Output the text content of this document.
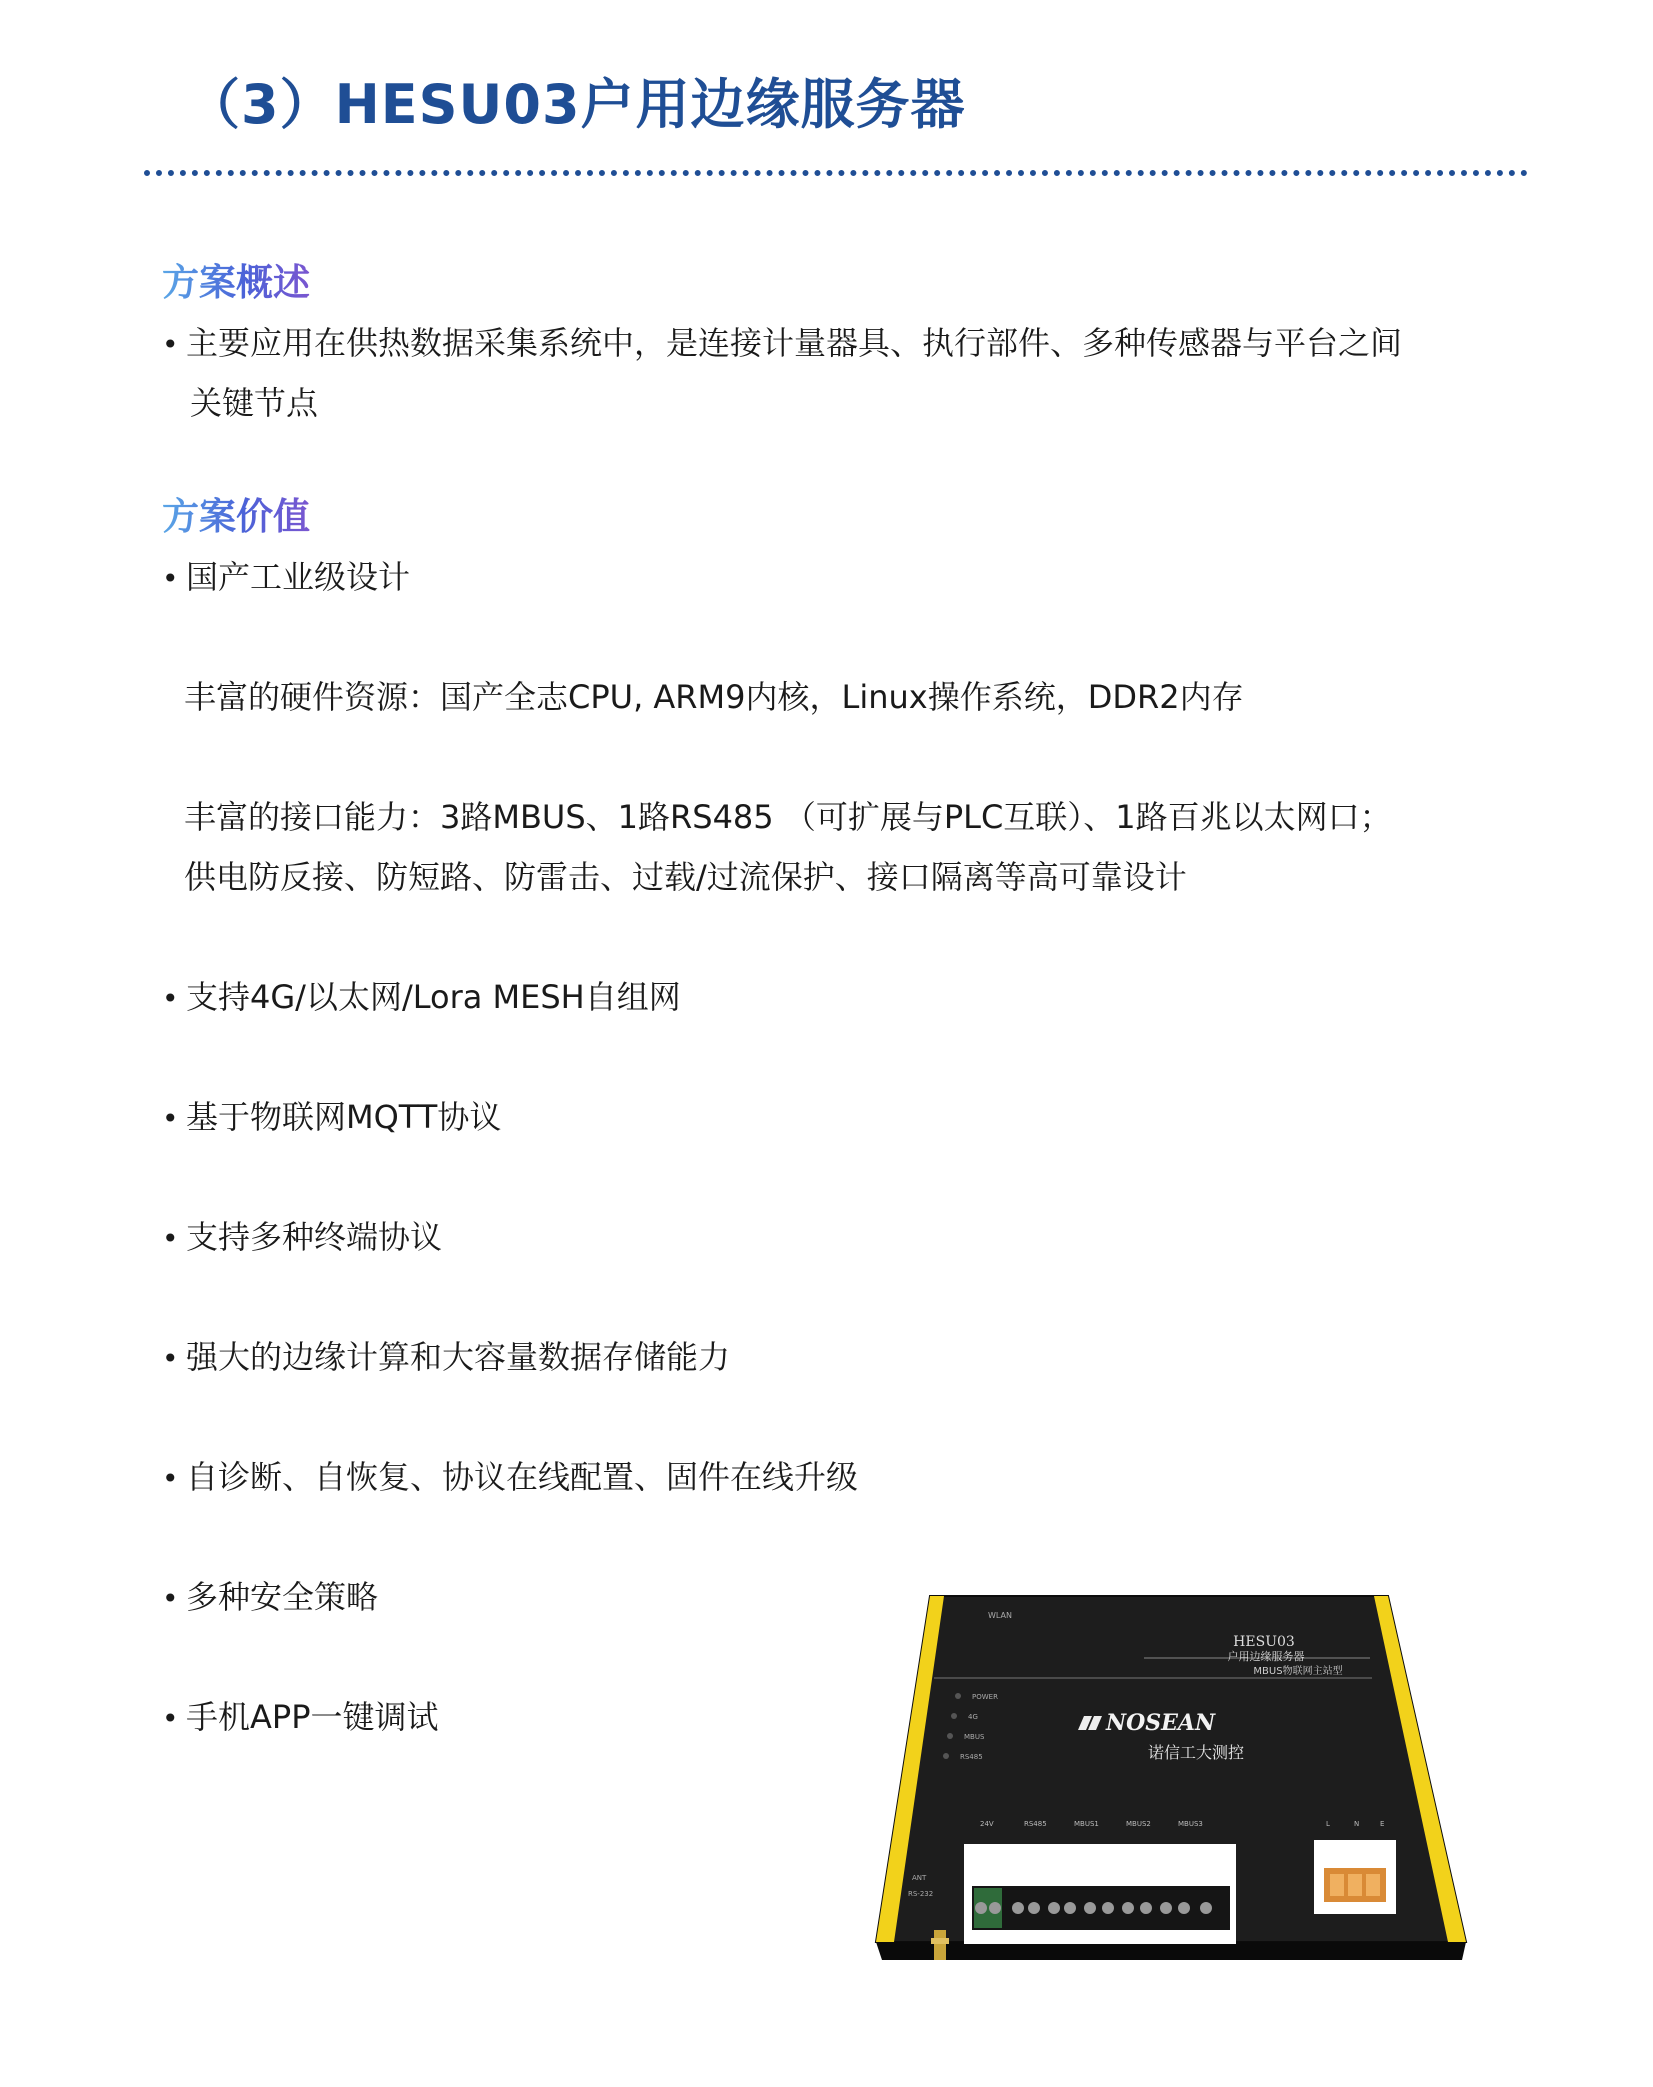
（3）HESU03户用边缘服务器
方案概述
• 主要应用在供热数据采集系统中，是连接计量器具、执行部件、多种传感器与平台之间
关键节点
方案价值
• 国产工业级设计
丰富的硬件资源：国产全志CPU, ARM9内核，Linux操作系统，DDR2内存
丰富的接口能力：3路MBUS、1路RS485 （可扩展与PLC互联）、1路百兆以太网口；
供电防反接、防短路、防雷击、过载/过流保护、接口隔离等高可靠设计
• 支持4G/以太网/Lora MESH自组网
• 基于物联网MQTT协议
• 支持多种终端协议
• 强大的边缘计算和大容量数据存储能力
• 自诊断、自恢复、协议在线配置、固件在线升级
• 多种安全策略
• 手机APP一键调试
WLAN
HESU03
户用边缘服务器
MBUS物联网主站型
NOSEAN
诺信工大测控
POWER
4G
MBUS
RS485
24V	RS485	MBUS1	MBUS2	MBUS3	L	N	E
ANT
RS-232
